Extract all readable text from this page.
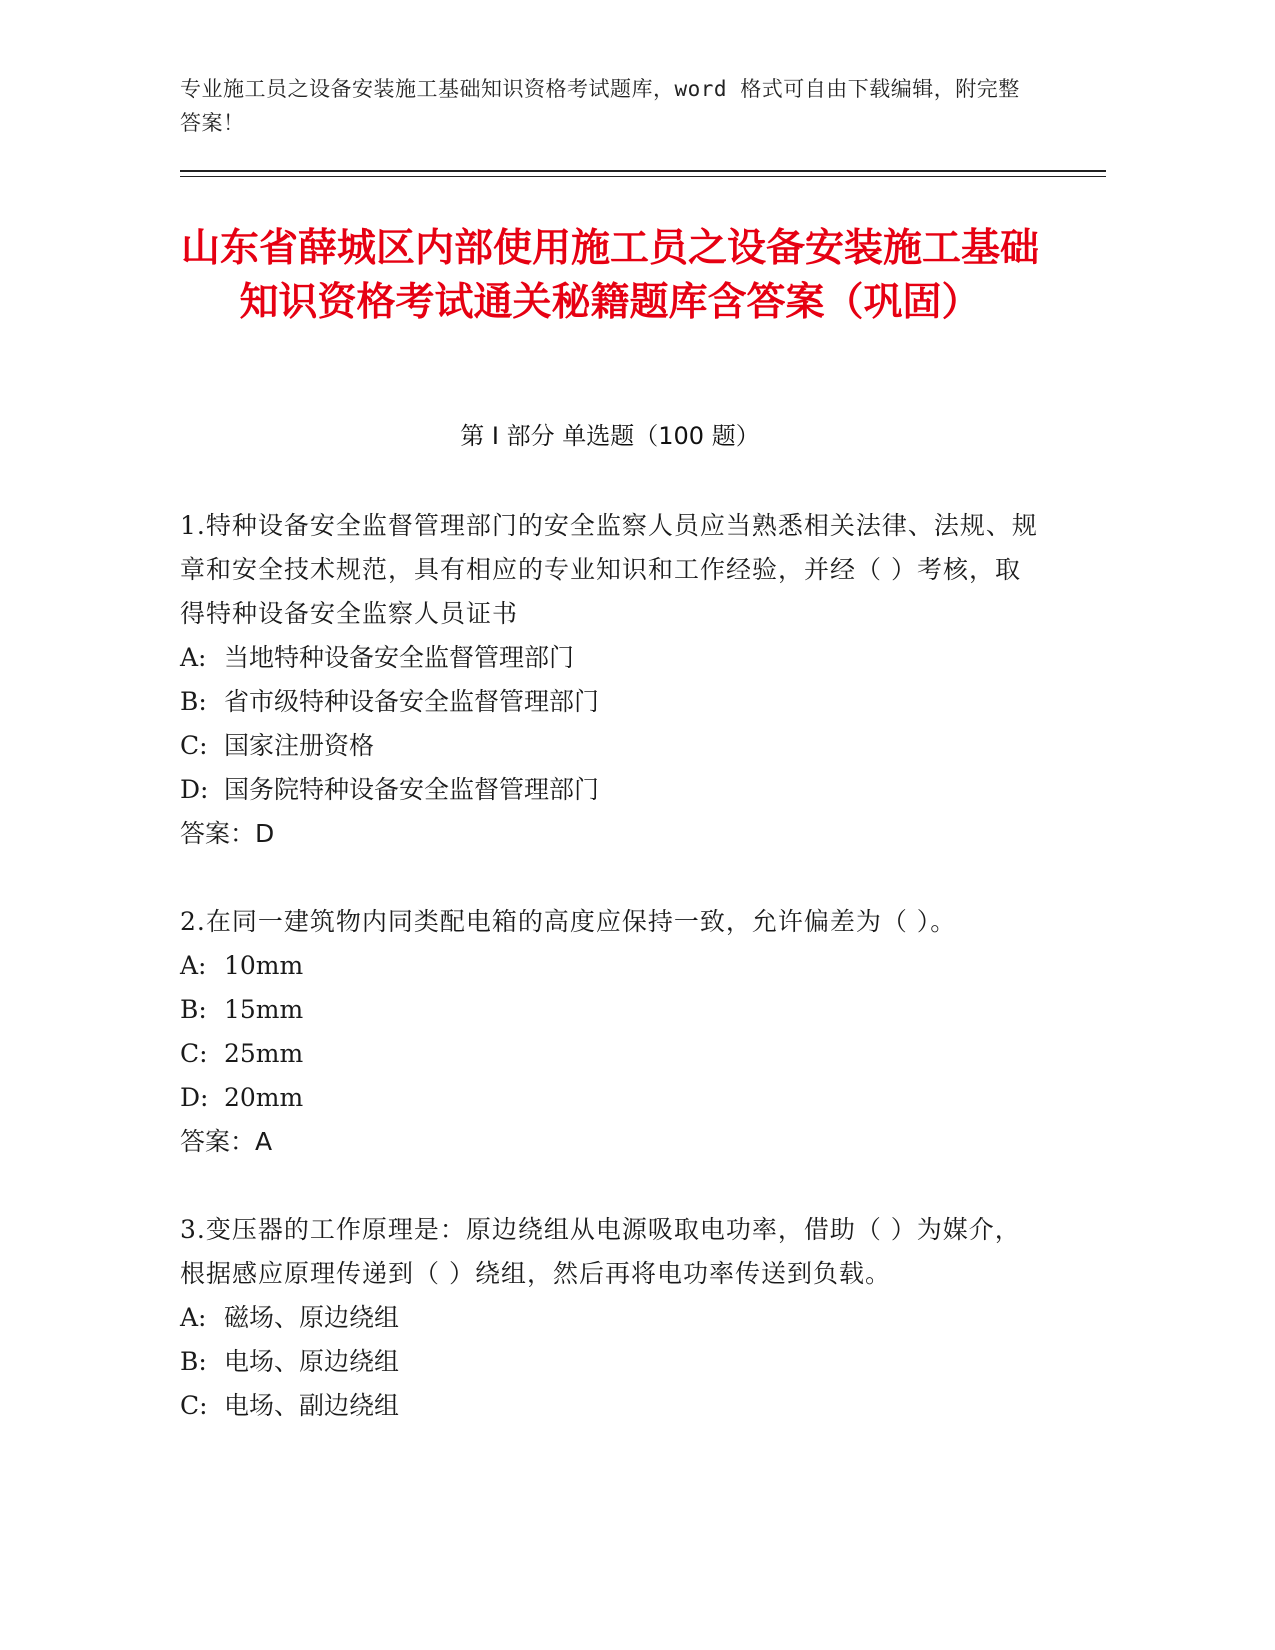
专业施工员之设备安装施工基础知识资格考试题库，word 格式可自由下载编辑，附完整答案！
山东省薛城区内部使用施工员之设备安装施工基础知识资格考试通关秘籍题库含答案（巩固）
第 I 部分 单选题（100 题）
1.特种设备安全监督管理部门的安全监察人员应当熟悉相关法律、法规、规章和安全技术规范，具有相应的专业知识和工作经验，并经（ ）考核，取得特种设备安全监察人员证书
A: 当地特种设备安全监督管理部门
B: 省市级特种设备安全监督管理部门
C: 国家注册资格
D: 国务院特种设备安全监督管理部门
答案：D
2.在同一建筑物内同类配电箱的高度应保持一致，允许偏差为（ ）。
A: 10mm
B: 15mm
C: 25mm
D: 20mm
答案：A
3.变压器的工作原理是：原边绕组从电源吸取电功率，借助（ ）为媒介，根据感应原理传递到（ ）绕组，然后再将电功率传送到负载。
A: 磁场、原边绕组
B: 电场、原边绕组
C: 电场、副边绕组
